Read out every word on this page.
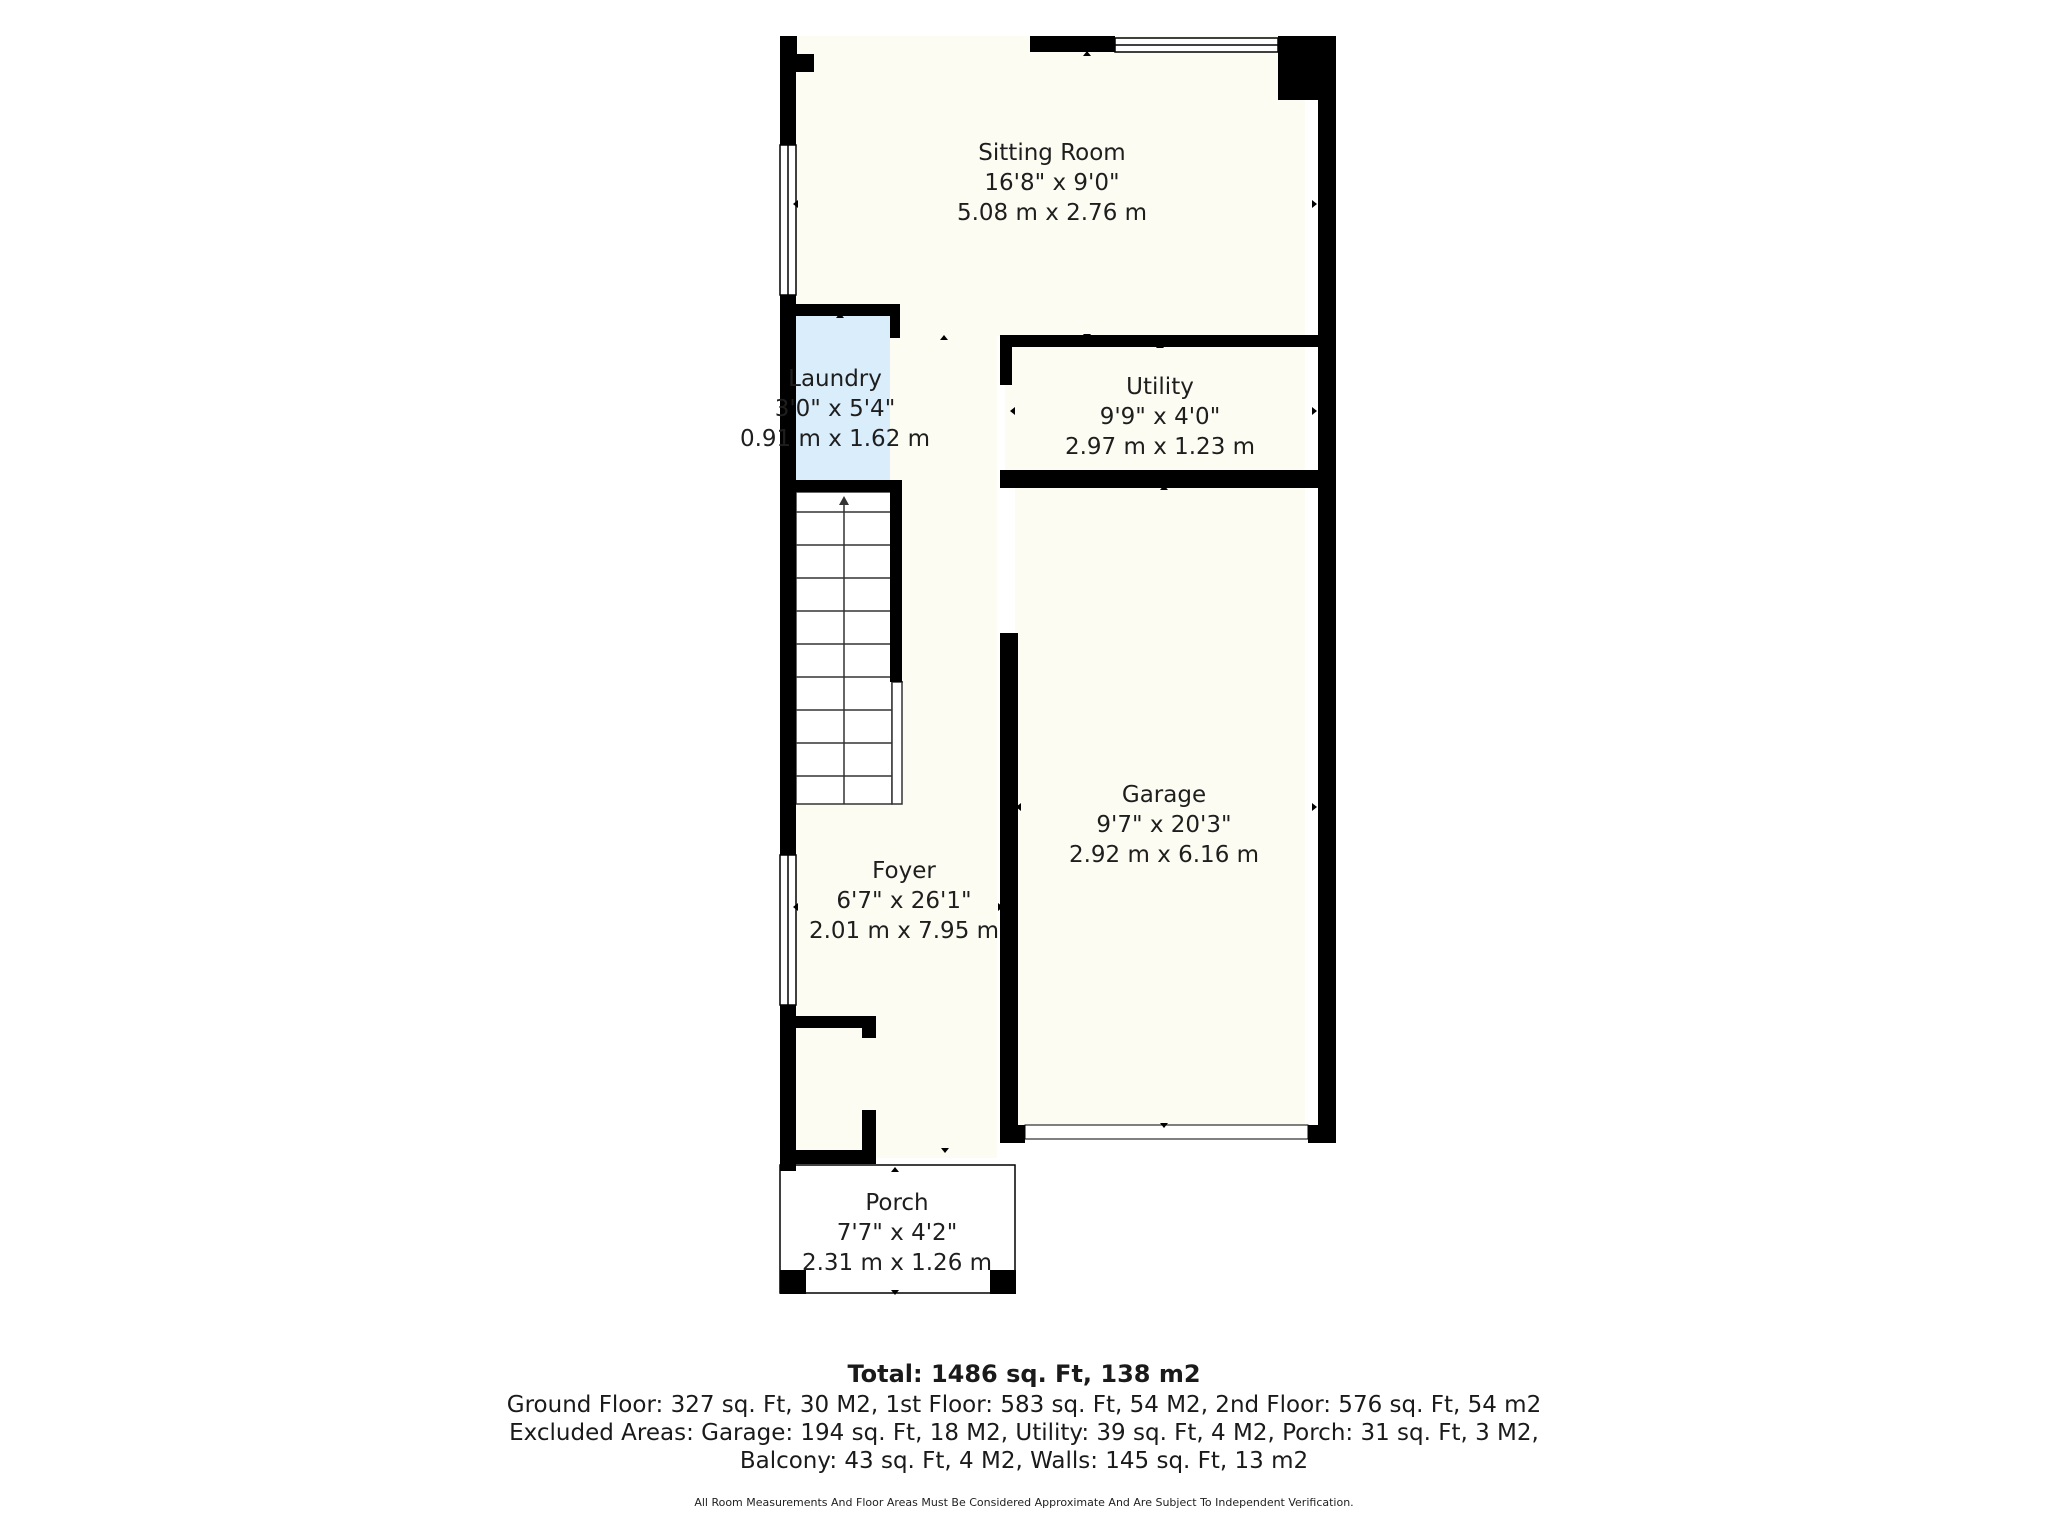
Sitting Room
16'8" x 9'0"
5.08 m x 2.76 m
Laundry
3'0" x 5'4"
0.91 m x 1.62 m
Utility
9'9" x 4'0"
2.97 m x 1.23 m
Garage
9'7" x 20'3"
2.92 m x 6.16 m
Foyer
6'7" x 26'1"
2.01 m x 7.95 m
Porch
7'7" x 4'2"
2.31 m x 1.26 m
Total: 1486 sq. Ft, 138 m2
Ground Floor: 327 sq. Ft, 30 M2, 1st Floor: 583 sq. Ft, 54 M2, 2nd Floor: 576 sq. Ft, 54 m2
Excluded Areas: Garage: 194 sq. Ft, 18 M2, Utility: 39 sq. Ft, 4 M2, Porch: 31 sq. Ft, 3 M2,
Balcony: 43 sq. Ft, 4 M2, Walls: 145 sq. Ft, 13 m2
All Room Measurements And Floor Areas Must Be Considered Approximate And Are Subject To Independent Verification.
